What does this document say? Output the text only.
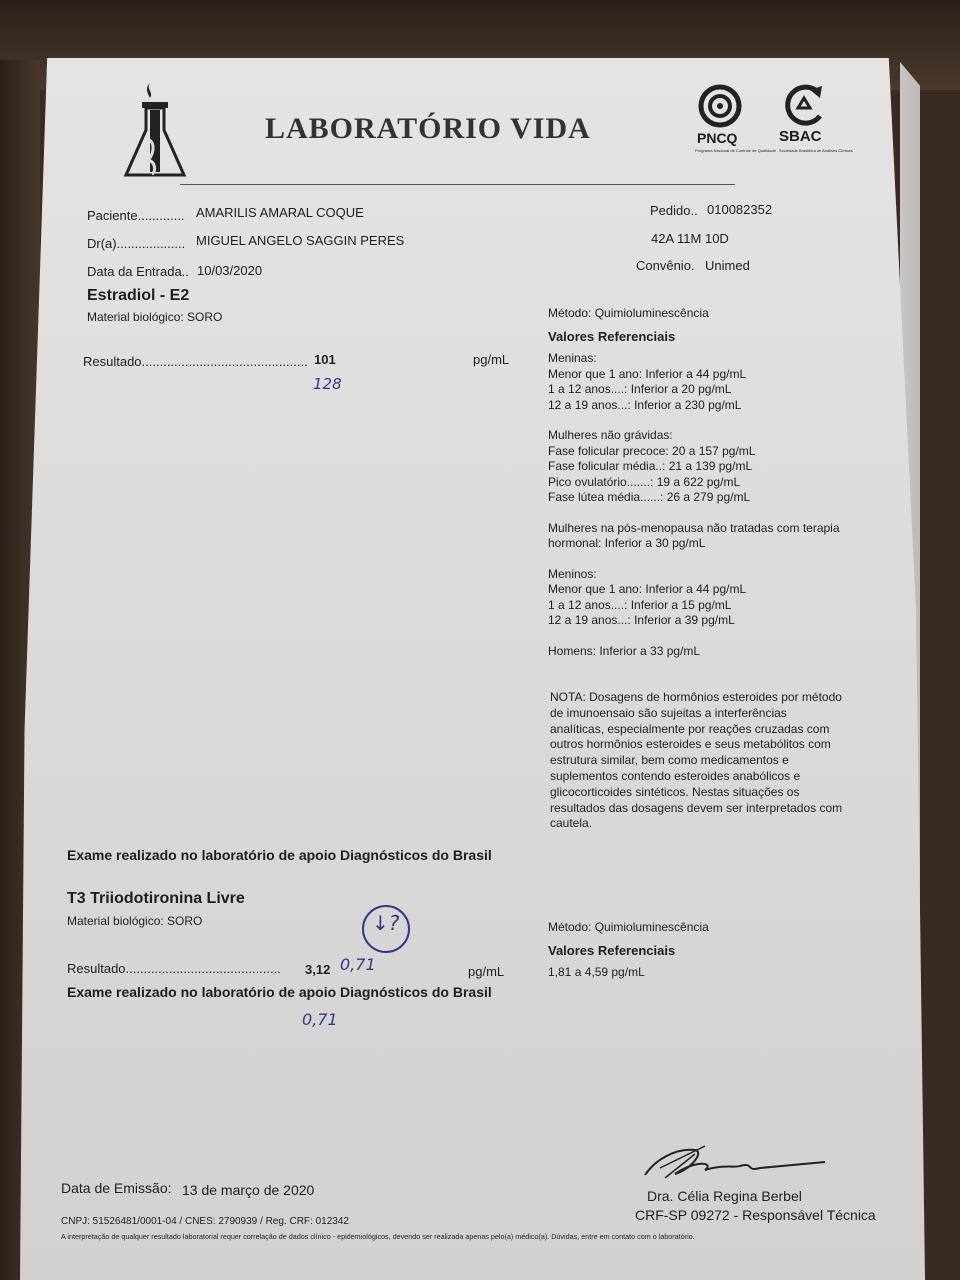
LABORATÓRIO VIDA	PNCQ
Programa Nacional de Controle de Qualidade
SBAC
Sociedade Brasileira de Análises Clínicas
Paciente............. AMARILIS AMARAL COQUE
Dr(a)................... MIGUEL ANGELO SAGGIN PERES
Data da Entrada.. 10/03/2020
Pedido.. 010082352
42A 11M 10D
Convênio. Unimed
Estradiol - E2
Material biológico: SORO
Resultado.............................................. 101	pg/mL
128
Método: Quimioluminescência
Valores Referenciais
Meninas:
Menor que 1 ano: Inferior a 44 pg/mL
1 a 12 anos....: Inferior a 20 pg/mL
12 a 19 anos...: Inferior a 230 pg/mL
Mulheres não grávidas:
Fase folicular precoce: 20 a 157 pg/mL
Fase folicular média..: 21 a 139 pg/mL
Pico ovulatório.......: 19 a 622 pg/mL
Fase lútea média......: 26 a 279 pg/mL
Mulheres na pós-menopausa não tratadas com terapia
hormonal: Inferior a 30 pg/mL
Meninos:
Menor que 1 ano: Inferior a 44 pg/mL
1 a 12 anos....: Inferior a 15 pg/mL
12 a 19 anos...: Inferior a 39 pg/mL
Homens: Inferior a 33 pg/mL
NOTA: Dosagens de hormônios esteroides por método
de imunoensaio são sujeitas a interferências
analíticas, especialmente por reações cruzadas com
outros hormônios esteroides e seus metabólitos com
estrutura similar, bem como medicamentos e
suplementos contendo esteroides anabólicos e
glicocorticoides sintéticos. Nestas situações os
resultados das dosagens devem ser interpretados com
cautela.
Exame realizado no laboratório de apoio Diagnósticos do Brasil
T3 Triiodotironina Livre
Material biológico: SORO
Resultado........................................... 3,12	pg/mL
↓?
0,71
0,71
Método: Quimioluminescência
Valores Referenciais
1,81 a 4,59 pg/mL
Exame realizado no laboratório de apoio Diagnósticos do Brasil
Data de Emissão: 13 de março de 2020	Dra. Célia Regina Berbel
CRF-SP 09272 - Responsável Técnica
CNPJ: 51526481/0001-04 / CNES: 2790939 / Reg. CRF: 012342
A interpretação de qualquer resultado laboratorial requer correlação de dados clínico - epidemiológicos, devendo ser realizada apenas pelo(a) médico(a). Dúvidas, entre em contato com o laboratório.
